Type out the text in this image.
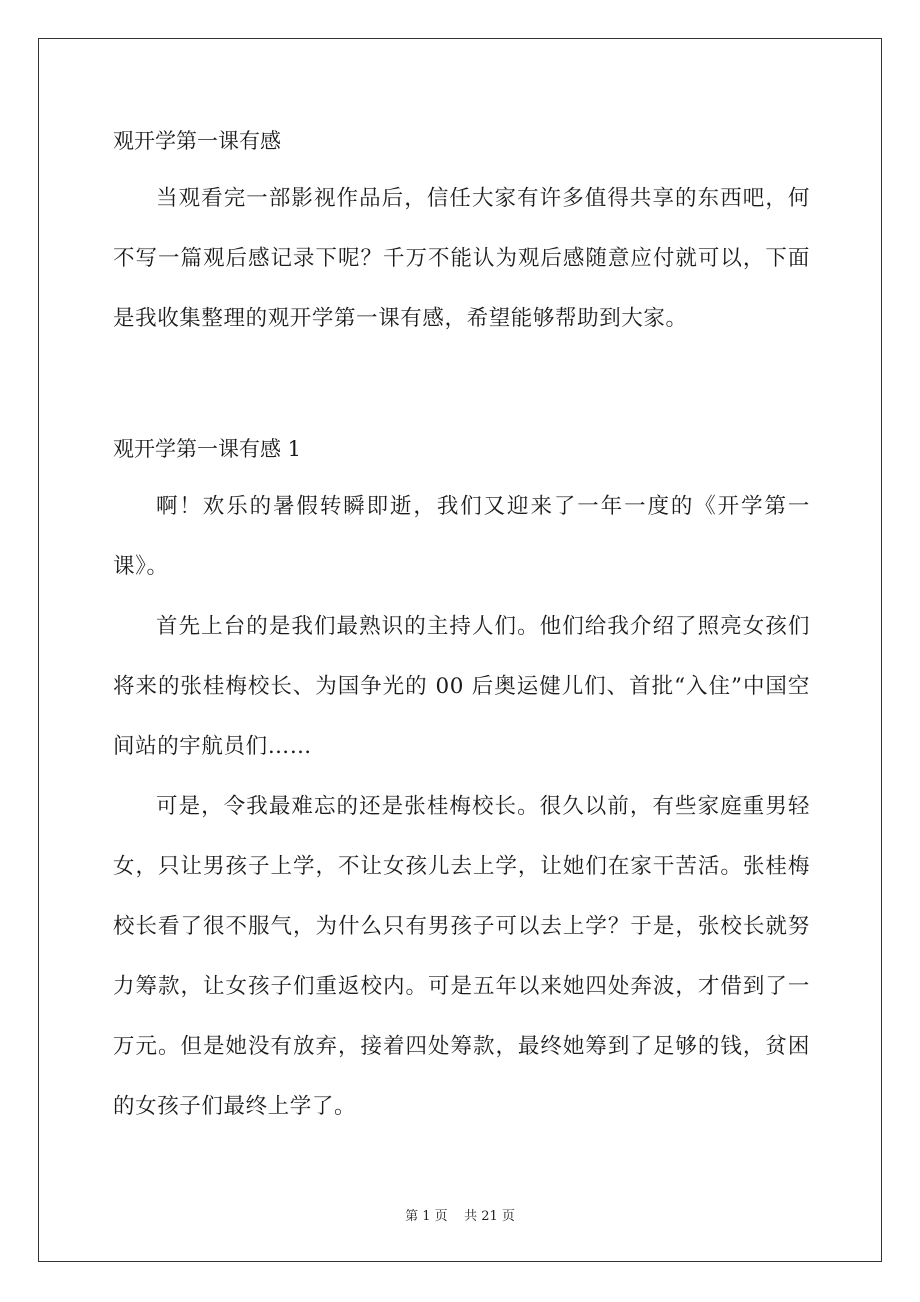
观开学第一课有感

当观看完一部影视作品后，信任大家有许多值得共享的东西吧，何不写一篇观后感记录下呢？千万不能认为观后感随意应付就可以，下面是我收集整理的观开学第一课有感，希望能够帮助到大家。

观开学第一课有感 1

啊！欢乐的暑假转瞬即逝，我们又迎来了一年一度的《开学第一课》。

首先上台的是我们最熟识的主持人们。他们给我介绍了照亮女孩们将来的张桂梅校长、为国争光的 00 后奥运健儿们、首批“入住”中国空间站的宇航员们……

可是，令我最难忘的还是张桂梅校长。很久以前，有些家庭重男轻女，只让男孩子上学，不让女孩儿去上学，让她们在家干苦活。张桂梅校长看了很不服气，为什么只有男孩子可以去上学？于是，张校长就努力筹款，让女孩子们重返校内。可是五年以来她四处奔波，才借到了一万元。但是她没有放弃，接着四处筹款，最终她筹到了足够的钱，贫困的女孩子们最终上学了。

第 1 页    共 21 页
